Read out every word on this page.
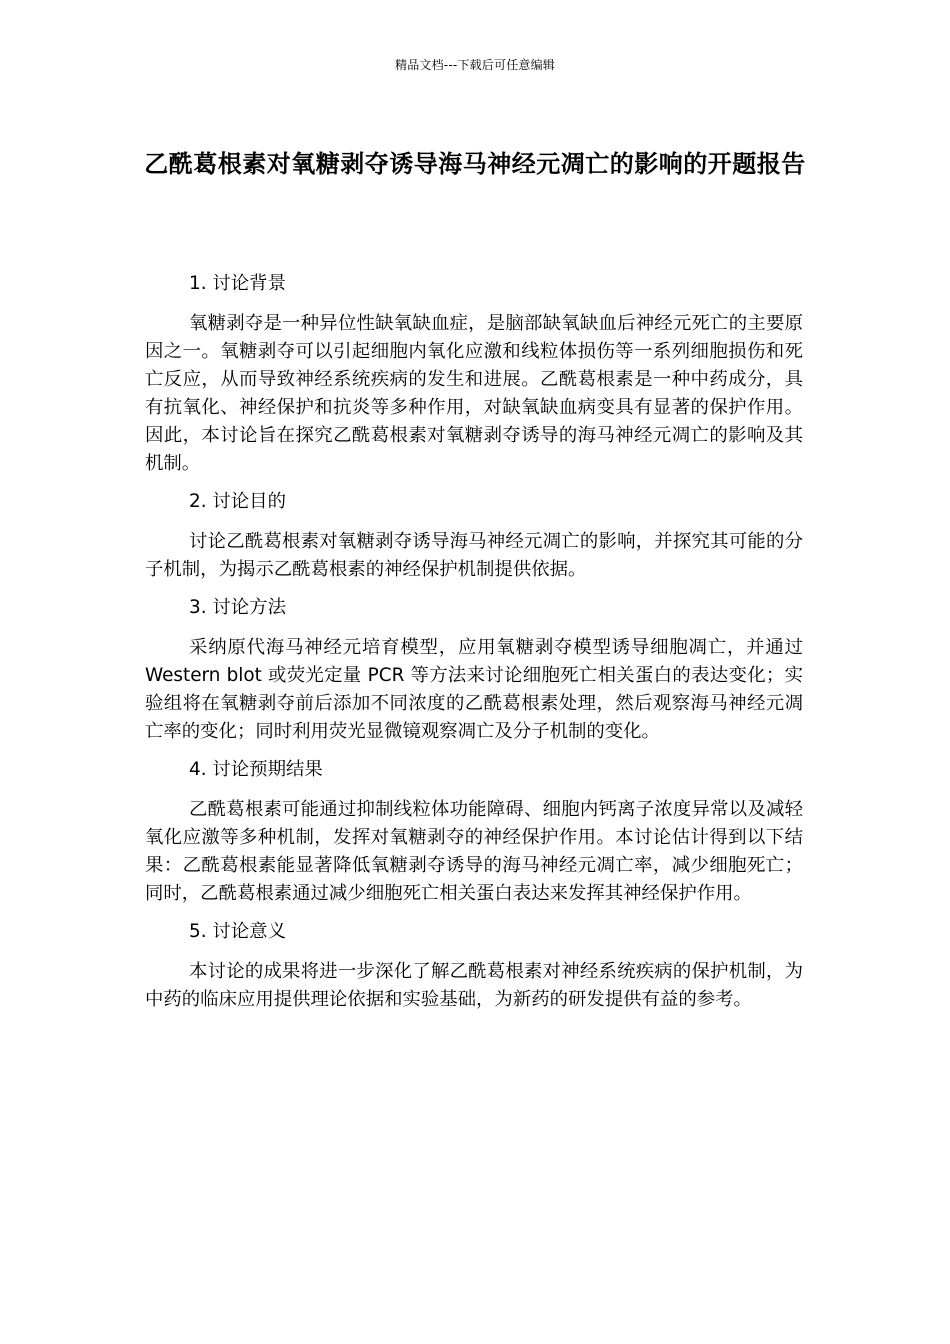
精品文档---下载后可任意编辑
乙酰葛根素对氧糖剥夺诱导海马神经元凋亡的影响的开题报告
1. 讨论背景

氧糖剥夺是一种异位性缺氧缺血症，是脑部缺氧缺血后神经元死亡的主要原因之一。氧糖剥夺可以引起细胞内氧化应激和线粒体损伤等一系列细胞损伤和死亡反应，从而导致神经系统疾病的发生和进展。乙酰葛根素是一种中药成分，具有抗氧化、神经保护和抗炎等多种作用，对缺氧缺血病变具有显著的保护作用。因此，本讨论旨在探究乙酰葛根素对氧糖剥夺诱导的海马神经元凋亡的影响及其机制。

2. 讨论目的

讨论乙酰葛根素对氧糖剥夺诱导海马神经元凋亡的影响，并探究其可能的分子机制，为揭示乙酰葛根素的神经保护机制提供依据。

3. 讨论方法

采纳原代海马神经元培育模型，应用氧糖剥夺模型诱导细胞凋亡，并通过 Western blot 或荧光定量 PCR 等方法来讨论细胞死亡相关蛋白的表达变化；实验组将在氧糖剥夺前后添加不同浓度的乙酰葛根素处理，然后观察海马神经元凋亡率的变化；同时利用荧光显微镜观察凋亡及分子机制的变化。

4. 讨论预期结果

乙酰葛根素可能通过抑制线粒体功能障碍、细胞内钙离子浓度异常以及减轻氧化应激等多种机制，发挥对氧糖剥夺的神经保护作用。本讨论估计得到以下结果：乙酰葛根素能显著降低氧糖剥夺诱导的海马神经元凋亡率，减少细胞死亡；同时，乙酰葛根素通过减少细胞死亡相关蛋白表达来发挥其神经保护作用。

5. 讨论意义

本讨论的成果将进一步深化了解乙酰葛根素对神经系统疾病的保护机制，为中药的临床应用提供理论依据和实验基础，为新药的研发提供有益的参考。
